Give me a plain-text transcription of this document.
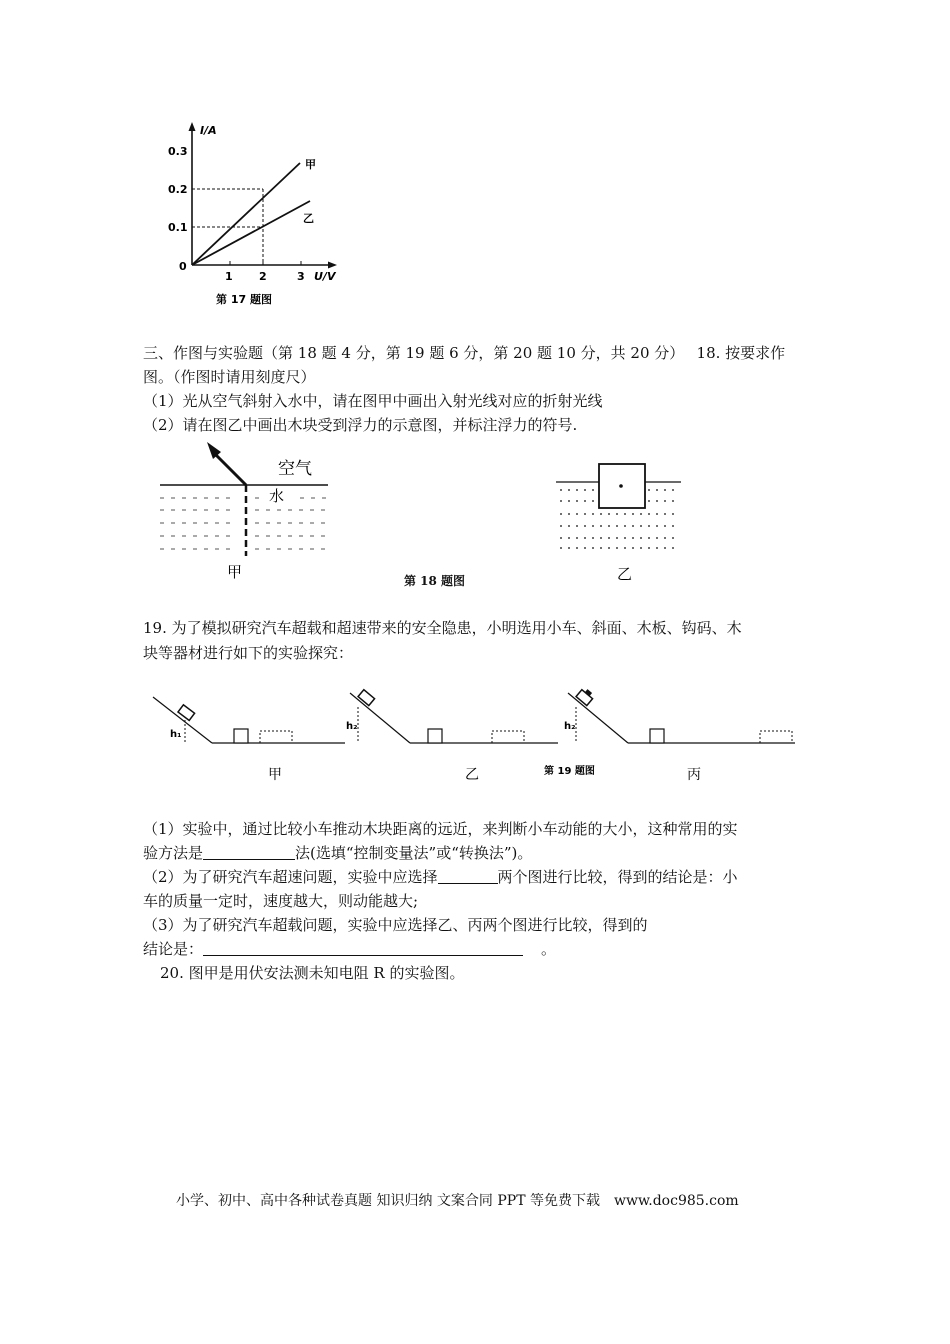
I/A
U/V
0
0.3
0.2
0.1
1 2	3
甲
乙
第 17 题图
三、作图与实验题（第 18 题 4 分，第 19 题 6 分，第 20 题 10 分，共 20 分）　 18. 按要求作
图。（作图时请用刻度尺）
（1）光从空气斜射入水中，请在图甲中画出入射光线对应的折射光线
（2）请在图乙中画出木块受到浮力的示意图，并标注浮力的符号.
空气
水
甲	第 18 题图	乙
19. 为了模拟研究汽车超载和超速带来的安全隐患，小明选用小车、斜面、木板、钩码、木
块等器材进行如下的实验探究：
h₁
h₂	h₂
甲	乙	第 19 题图	丙
（1）实验中，通过比较小车推动木块距离的远近，来判断小车动能的大小，这种常用的实
验方法是	法(选填“控制变量法”或“转换法”)。
（2）为了研究汽车超速问题，实验中应选择	两个图进行比较，得到的结论是：小
车的质量一定时，速度越大，则动能越大;
（3）为了研究汽车超载问题，实验中应选择乙、丙两个图进行比较，得到的
结论是：	。
20. 图甲是用伏安法测未知电阻 R 的实验图。
小学、初中、高中各种试卷真题 知识归纳 文案合同 PPT 等免费下载　www.doc985.com
